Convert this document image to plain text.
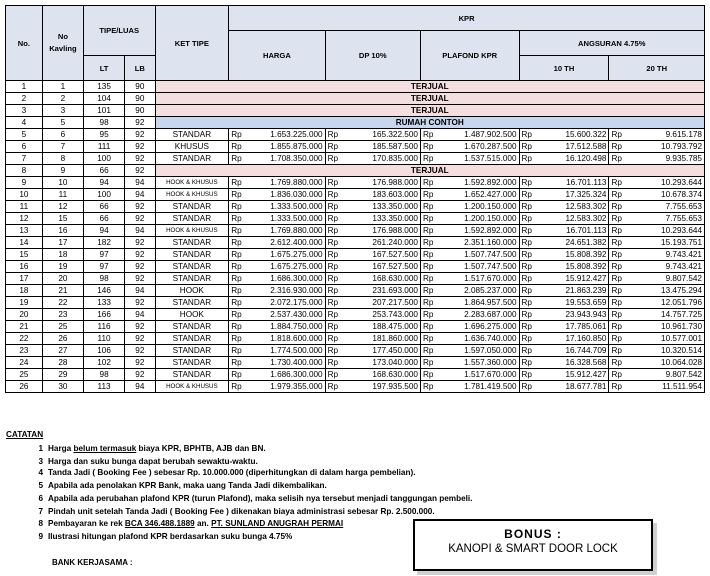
No.	No Kavling	TIPE/LUAS		KET TIPE	KPR									
					HARGA		DP 10%		PLAFOND KPR		ANGSURAN 4.75%			
		LT	LB								10 TH		20 TH	
1	1	135	90	TERJUAL										
2	2	104	90	TERJUAL										
3	3	101	90	TERJUAL										
4	5	98	92	RUMAH CONTOH										
5	6	95	92	STANDAR	Rp	1.653.225.000	Rp	165.322.500	Rp	1.487.902.500	Rp	15.600.322	Rp	9.615.178
6	7	111	92	KHUSUS	Rp	1.855.875.000	Rp	185.587.500	Rp	1.670.287.500	Rp	17.512.588	Rp	10.793.792
7	8	100	92	STANDAR	Rp	1.708.350.000	Rp	170.835.000	Rp	1.537.515.000	Rp	16.120.498	Rp	9.935.785
8	9	66	92	TERJUAL										
9	10	94	94	HOOK & KHUSUS	Rp	1.769.880.000	Rp	176.988.000	Rp	1.592.892.000	Rp	16.701.113	Rp	10.293.644
10	11	100	94	HOOK & KHUSUS	Rp	1.836.030.000	Rp	183.603.000	Rp	1.652.427.000	Rp	17.325.324	Rp	10.678.374
11	12	66	92	STANDAR	Rp	1.333.500.000	Rp	133.350.000	Rp	1.200.150.000	Rp	12.583.302	Rp	7.755.653
12	15	66	92	STANDAR	Rp	1.333.500.000	Rp	133.350.000	Rp	1.200.150.000	Rp	12.583.302	Rp	7.755.653
13	16	94	94	HOOK & KHUSUS	Rp	1.769.880.000	Rp	176.988.000	Rp	1.592.892.000	Rp	16.701.113	Rp	10.293.644
14	17	182	92	STANDAR	Rp	2.612.400.000	Rp	261.240.000	Rp	2.351.160.000	Rp	24.651.382	Rp	15.193.751
15	18	97	92	STANDAR	Rp	1.675.275.000	Rp	167.527.500	Rp	1.507.747.500	Rp	15.808.392	Rp	9.743.421
16	19	97	92	STANDAR	Rp	1.675.275.000	Rp	167.527.500	Rp	1.507.747.500	Rp	15.808.392	Rp	9.743.421
17	20	98	92	STANDAR	Rp	1.686.300.000	Rp	168.630.000	Rp	1.517.670.000	Rp	15.912.427	Rp	9.807.542
18	21	146	94	HOOK	Rp	2.316.930.000	Rp	231.693.000	Rp	2.085.237.000	Rp	21.863.239	Rp	13.475.294
19	22	133	92	STANDAR	Rp	2.072.175.000	Rp	207.217.500	Rp	1.864.957.500	Rp	19.553.659	Rp	12.051.796
20	23	166	94	HOOK	Rp	2.537.430.000	Rp	253.743.000	Rp	2.283.687.000	Rp	23.943.943	Rp	14.757.725
21	25	116	92	STANDAR	Rp	1.884.750.000	Rp	188.475.000	Rp	1.696.275.000	Rp	17.785.061	Rp	10.961.730
22	26	110	92	STANDAR	Rp	1.818.600.000	Rp	181.860.000	Rp	1.636.740.000	Rp	17.160.850	Rp	10.577.001
23	27	106	92	STANDAR	Rp	1.774.500.000	Rp	177.450.000	Rp	1.597.050.000	Rp	16.744.709	Rp	10.320.514
24	28	102	92	STANDAR	Rp	1.730.400.000	Rp	173.040.000	Rp	1.557.360.000	Rp	16.328.568	Rp	10.064.028
25	29	98	92	STANDAR	Rp	1.686.300.000	Rp	168.630.000	Rp	1.517.670.000	Rp	15.912.427	Rp	9.807.542
26	30	113	94	HOOK & KHUSUS	Rp	1.979.355.000	Rp	197.935.500	Rp	1.781.419.500	Rp	18.677.781	Rp	11.511.954
CATATAN
1 Harga belum termasuk biaya KPR, BPHTB, AJB dan BN.
3 Harga dan suku bunga dapat berubah sewaktu-waktu.
4 Tanda Jadi ( Booking Fee ) sebesar Rp. 10.000.000 (diperhitungkan di dalam harga pembelian).
5 Apabila ada penolakan KPR Bank, maka uang Tanda Jadi dikembalikan.
6 Apabila ada perubahan plafond KPR (turun Plafond), maka selisih nya tersebut menjadi tanggungan pembeli.
7 Pindah unit setelah Tanda Jadi ( Booking Fee ) dikenakan biaya administrasi sebesar Rp. 2.500.000.
8 Pembayaran ke rek BCA 346.488.1889 an. PT. SUNLAND ANUGRAH PERMAI
9 Ilustrasi hitungan plafond KPR berdasarkan suku bunga 4.75%
BANK KERJASAMA :
BONUS :
KANOPI & SMART DOOR LOCK
